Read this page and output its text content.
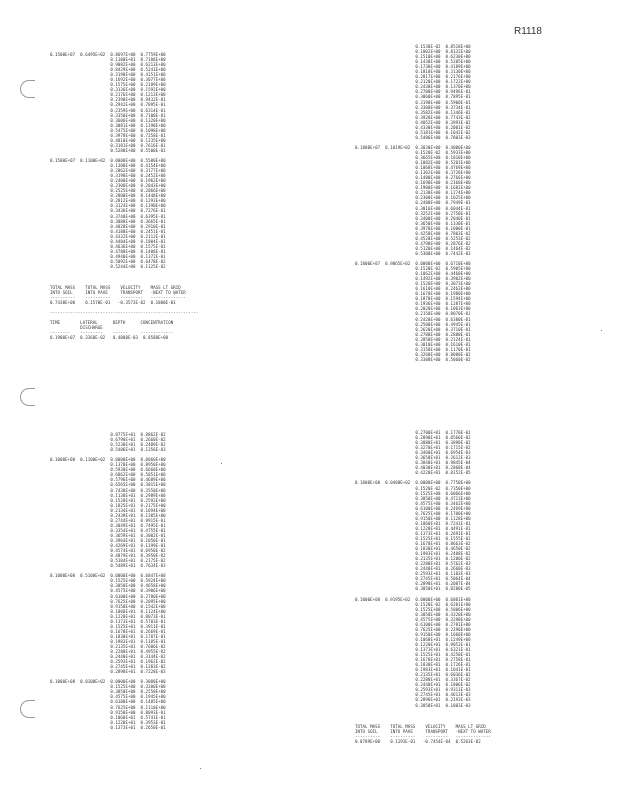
R1118
0.1500E+07  0.6495E+02  0.8697E+00  0.7759E+00
0.1100E+01  0.7188E+00
0.9082E+00  0.6213E+00
0.8429E+00  0.5241E+00
0.3198E+00  0.4151E+00
0.1692E+00  0.3077E+00
0.1575E+00  0.2189E+00
0.3136E+00  0.1592E+00
0.2176E+00  0.1213E+00
0.2398E+00  0.9432E-01
0.2942E+00  0.7895E-01
0.2359E+00  0.6314E-01
0.3350E+00  0.7100E-01
0.3606E+00  0.1320E+00
0.3081E+00  0.1190E+00
0.5475E+00  0.1098E+00
0.3978E+00  0.7258E-01
0.4810E+00  0.1235E+00
0.3181E+00  0.7616E-01
0.5280E+00  0.5500E-01

0.1500E+07  0.1100E+02  0.0000E+00  0.5500E+00
0.1300E+00  0.4154E+00
0.2062E+00  0.3177E+00
0.3198E+00  0.2452E+00
0.2400E+00  0.1962E+00
0.2308E+00  0.2043E+00
0.2525E+00  0.2066E+00
0.2800E+00  0.1448E+00
0.2812E+00  0.1293E+00
0.3124E+00  0.1190E+00
0.3436E+00  0.7276E-01
0.3748E+00  0.6395E-01
0.3888E+00  0.3665E-01
0.4028E+00  0.2910E-01
0.4180E+00  0.2451E-01
0.4332E+00  0.2112E-01
0.4484E+00  0.1804E-01
0.4636E+00  0.1575E-01
0.4788E+00  0.1408E-01
0.4940E+00  0.1372E-01
0.5092E+00  0.6478E-02
0.5244E+00  0.1125E-02
TOTAL MASS    TOTAL MASS    VELOCITY    MASS LT GRID
INTO SOIL     INTO PAVE     TRANSPORT   -NEXT TO WATER
----------    ----------    ---------   --------------
0.7430E+00    0.1570E-01   -0.3573E-02  0.1800E-01

-----------------------------------------------------------

TIME        LATERAL      DEPTH      CONCENTRATION
DISCHARGE
--------    ---------    ------     -------------
0.1900E+07  0.3360E-02   0.4000E-03  0.8580E+00
0.1530E-02  0.8518E+00
0.1002E+00  0.8132E+00
0.1510E+00  0.6230E+00
0.1430E+00  0.5205E+00
0.1730E+00  0.4189E+00
0.1810E+00  0.3130E+00
0.2017E+00  0.2176E+00
0.2120E+00  0.1722E+00
0.2430E+00  0.1370E+00
0.2700E+00  0.9496E-01
0.3060E+00  0.7895E-01
0.3190E+00  0.5900E-01
0.3300E+00  0.3734E-01
0.3582E+00  0.1346E-01
0.3920E+00  0.7743E-02
0.4052E+00  0.3991E-02
0.4330E+00  0.2001E-02
0.5181E+00  0.1042E-02
0.5486E+00  0.7803E-03

0.1800E+07  0.1019E+02  0.3030E+00  0.4000E+00
0.1520E-02  0.5933E+00
0.3665E+00  0.1810E+00
0.1082E+00  0.5201E+00
0.1068E+00  0.4769E+00
0.1302E+00  0.3728E+00
0.1480E+00  0.2766E+00
0.1690E+00  0.2160E+00
0.1900E+00  0.1682E+00
0.2130E+00  0.1274E+00
0.2300E+00  0.1025E+00
0.2480E+00  0.7949E-01
0.3016E+00  0.6044E-01
0.3252E+00  0.2750E-01
0.3400E+00  0.2040E-01
0.3650E+00  0.1330E-01
0.3978E+00  0.1000E-01
0.4250E+00  0.7803E-02
0.4520E+00  0.5253E-02
0.4790E+00  0.2876E-02
0.5120E+00  0.1464E-02
0.5300E+00  0.7442E-03

0.1800E+07  0.9065E+02  0.0000E+00  0.6710E+00
0.1520E-02  0.5905E+00
0.1062E+00  0.4460E+00
0.1492E+00  0.3902E+00
0.1520E+00  0.3073E+00
0.1610E+00  0.2463E+00
0.1670E+00  0.1980E+00
0.1870E+00  0.1594E+00
0.1936E+00  0.1287E+00
0.2020E+00  0.1063E+00
0.2150E+00  0.8070E-01
0.2420E+00  0.6380E-01
0.2500E+00  0.4945E-01
0.2620E+00  0.3710E-01
0.2780E+00  0.2880E-01
0.2850E+00  0.2124E-01
0.3010E+00  0.1610E-01
0.3150E+00  0.1170E-01
0.3260E+00  0.8080E-02
0.3380E+00  0.5060E-02
0.8775E+01  0.8862E-02
0.6790E+01  0.2660E-02
0.5230E+01  0.2409E-02
0.5486E+01  0.1356E-03

0.1000E+08  0.1100E+02  0.0000E+00  0.0060E+00
0.1370E+00  0.8950E+00
0.5930E+00  0.6660E+00
0.6862E+00  0.5851E+00
0.5796E+00  0.4689E+00
0.6565E+00  0.3815E+00
0.7430E+00  0.3550E+00
0.1138E+01  0.2989E+00
0.1528E+01  0.2592E+00
0.1825E+01  0.2175E+00
0.2134E+01  0.1694E+00
0.2439E+01  0.1305E+00
0.2744E+01  0.9915E-01
0.3049E+01  0.7495E-01
0.3354E+01  0.4755E-01
0.3659E+01  0.3002E-01
0.3964E+01  0.1850E-01
0.4269E+01  0.1199E-01
0.4574E+01  0.6950E-02
0.4879E+01  0.3950E-02
0.5184E+01  0.2175E-02
0.5489E+01  0.7634E-03

0.1000E+08  0.5100E+02  0.0000E+00  0.6847E+00
0.1525E+00  0.5924E+00
0.3050E+00  0.4658E+00
0.4575E+00  0.3906E+00
0.6100E+00  0.2780E+00
0.7625E+00  0.2095E+00
0.9150E+00  0.1542E+00
0.1068E+01  0.1124E+00
0.1220E+01  0.8073E-01
0.1373E+01  0.5703E-01
0.1525E+01  0.3911E-01
0.1678E+01  0.2669E-01
0.1830E+01  0.1787E-01
0.1983E+01  0.1185E-01
0.2135E+01  0.7686E-02
0.2288E+01  0.4955E-02
0.2440E+01  0.3144E-02
0.2593E+01  0.1962E-02
0.2745E+01  0.1203E-02
0.2898E+01  0.7228E-03

0.1000E+08  0.8100E+02  0.0000E+00  0.3880E+00
0.1525E+00  0.3200E+00
0.3050E+00  0.2550E+00
0.4575E+00  0.1945E+00
0.6100E+00  0.1485E+00
0.7625E+00  0.1110E+00
0.9150E+00  0.8093E-01
0.1068E+01  0.5741E-01
0.1220E+01  0.3953E-01
0.1373E+01  0.2650E-01
0.2700E+01  0.1770E-01
0.2890E+01  0.8560E-02
0.3080E+01  0.3890E-02
0.3270E+01  0.1715E-02
0.3460E+01  0.6954E-03
0.3650E+01  0.2612E-03
0.3840E+01  0.9045E-04
0.4030E+01  0.2860E-04
0.4220E+01  0.8152E-05

0.1000E+08  0.0400E+02  0.0000E+00  0.7750E+00
0.1520E-02  0.7350E+00
0.1525E+00  0.6066E+00
0.3050E+00  0.4713E+00
0.4575E+00  0.3462E+00
0.6100E+00  0.2469E+00
0.7625E+00  0.1700E+00
0.9150E+00  0.1128E+00
0.1068E+01  0.7241E-01
0.1220E+01  0.4491E-01
0.1373E+01  0.2691E-01
0.1525E+01  0.1555E-01
0.1678E+01  0.8663E-02
0.1830E+01  0.4650E-02
0.1983E+01  0.2408E-02
0.2135E+01  0.1200E-02
0.2288E+01  0.5762E-03
0.2440E+01  0.2660E-03
0.2593E+01  0.1183E-03
0.2745E+01  0.5064E-04
0.2898E+01  0.2087E-04
0.3050E+01  0.8280E-05

0.1000E+08  0.9195E+02  0.0000E+00  0.6801E+00
0.1520E-02  0.6201E+00
0.1525E+00  0.5006E+00
0.3050E+00  0.4320E+00
0.4575E+00  0.3290E+00
0.6100E+00  0.2781E+00
0.7625E+00  0.2290E+00
0.9150E+00  0.1660E+00
0.1068E+01  0.1249E+00
0.1220E+01  0.9052E-01
0.1373E+01  0.6321E-01
0.1525E+01  0.4250E-01
0.1678E+01  0.2758E-01
0.1830E+01  0.1726E-01
0.1983E+01  0.1041E-01
0.2135E+01  0.6036E-02
0.2288E+01  0.3367E-02
0.2440E+01  0.1806E-02
0.2593E+01  0.9311E-03
0.2745E+01  0.4613E-03
0.2898E+01  0.2193E-03
0.3050E+01  0.1003E-03
TOTAL MASS    TOTAL MASS    VELOCITY    MASS LT GRID
INTO SOIL     INTO PAVE     TRANSPORT   -NEXT TO WATER
----------    ----------    ---------   --------------
0.8789E+00    0.1193E-01   -0.7454E-04  0.5263E-02
